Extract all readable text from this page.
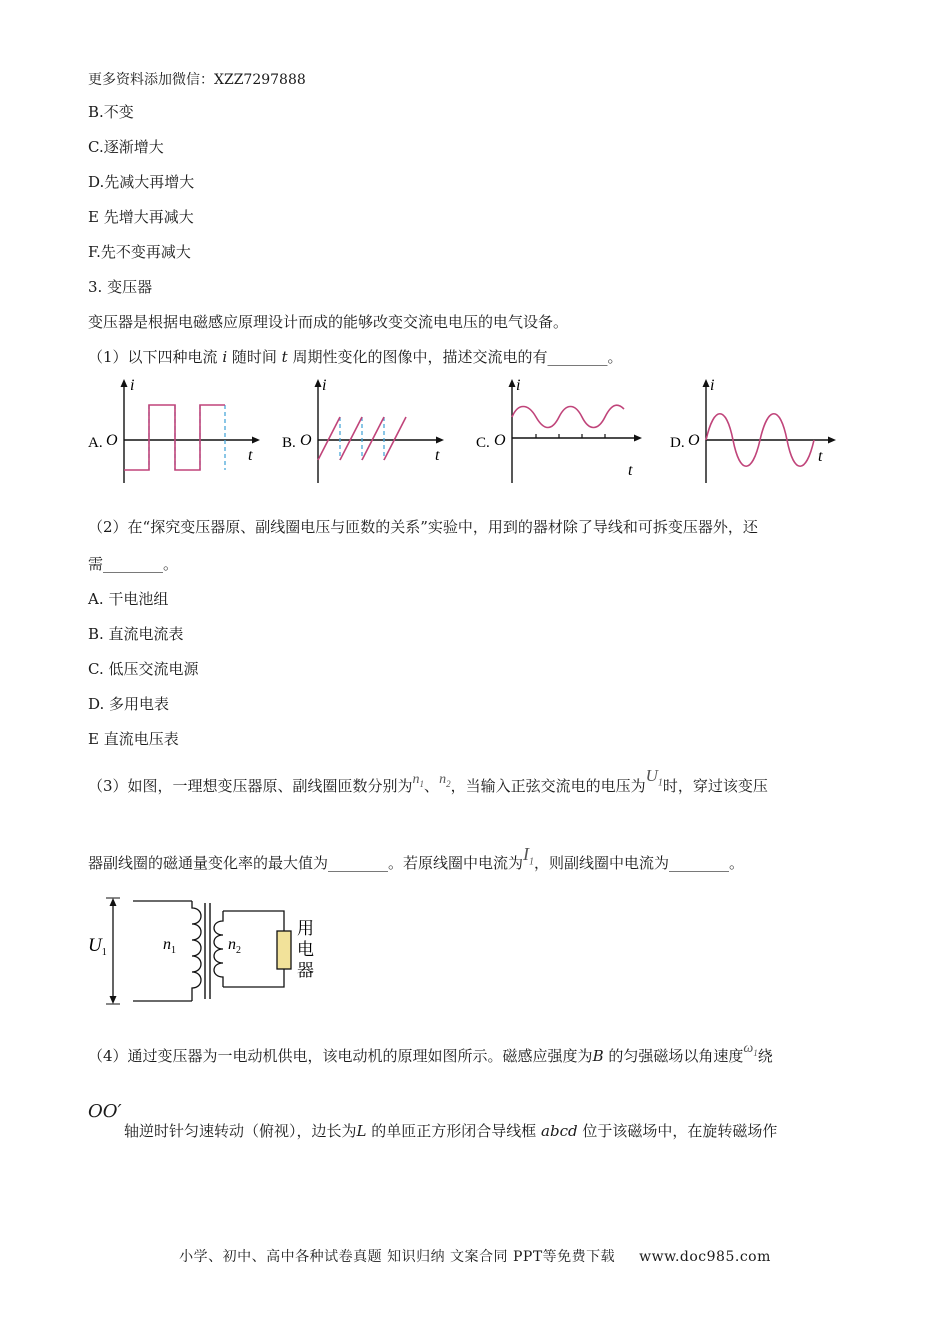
更多资料添加微信：XZZ7297888
B.不变
C.逐渐增大
D.先减大再增大
E 先增大再减大
F.先不变再减大
3. 变压器
变压器是根据电磁感应原理设计而成的能够改变交流电电压的电气设备。
（1）以下四种电流 i 随时间 t 周期性变化的图像中，描述交流电的有________。
A.
i
t
O	B.
i
t
O	C.
i
t
O	D.
i
t
O
（2）在“探究变压器原、副线圈电压与匝数的关系”实验中，用到的器材除了导线和可拆变压器外，还
需________。
A. 干电池组
B. 直流电流表
C. 低压交流电源
D. 多用电表
E 直流电压表
（3）如图，一理想变压器原、副线圈匝数分别为$n_1$、$n_2$，当输入正弦交流电的电压为$U_1$时，穿过该变压
器副线圈的磁通量变化率的最大值为________。若原线圈中电流为$I_1$，则副线圈中电流为________。
$U_1$	$n_1$	$n_2$
用
电
器
（4）通过变压器为一电动机供电，该电动机的原理如图所示。磁感应强度为B 的匀强磁场以角速度$\omega_1$绕
OO′
轴逆时针匀速转动（俯视），边长为L 的单匝正方形闭合导线框 abcd 位于该磁场中，在旋转磁场作
小学、初中、高中各种试卷真题 知识归纳 文案合同 PPT等免费下载 www.doc985.com
